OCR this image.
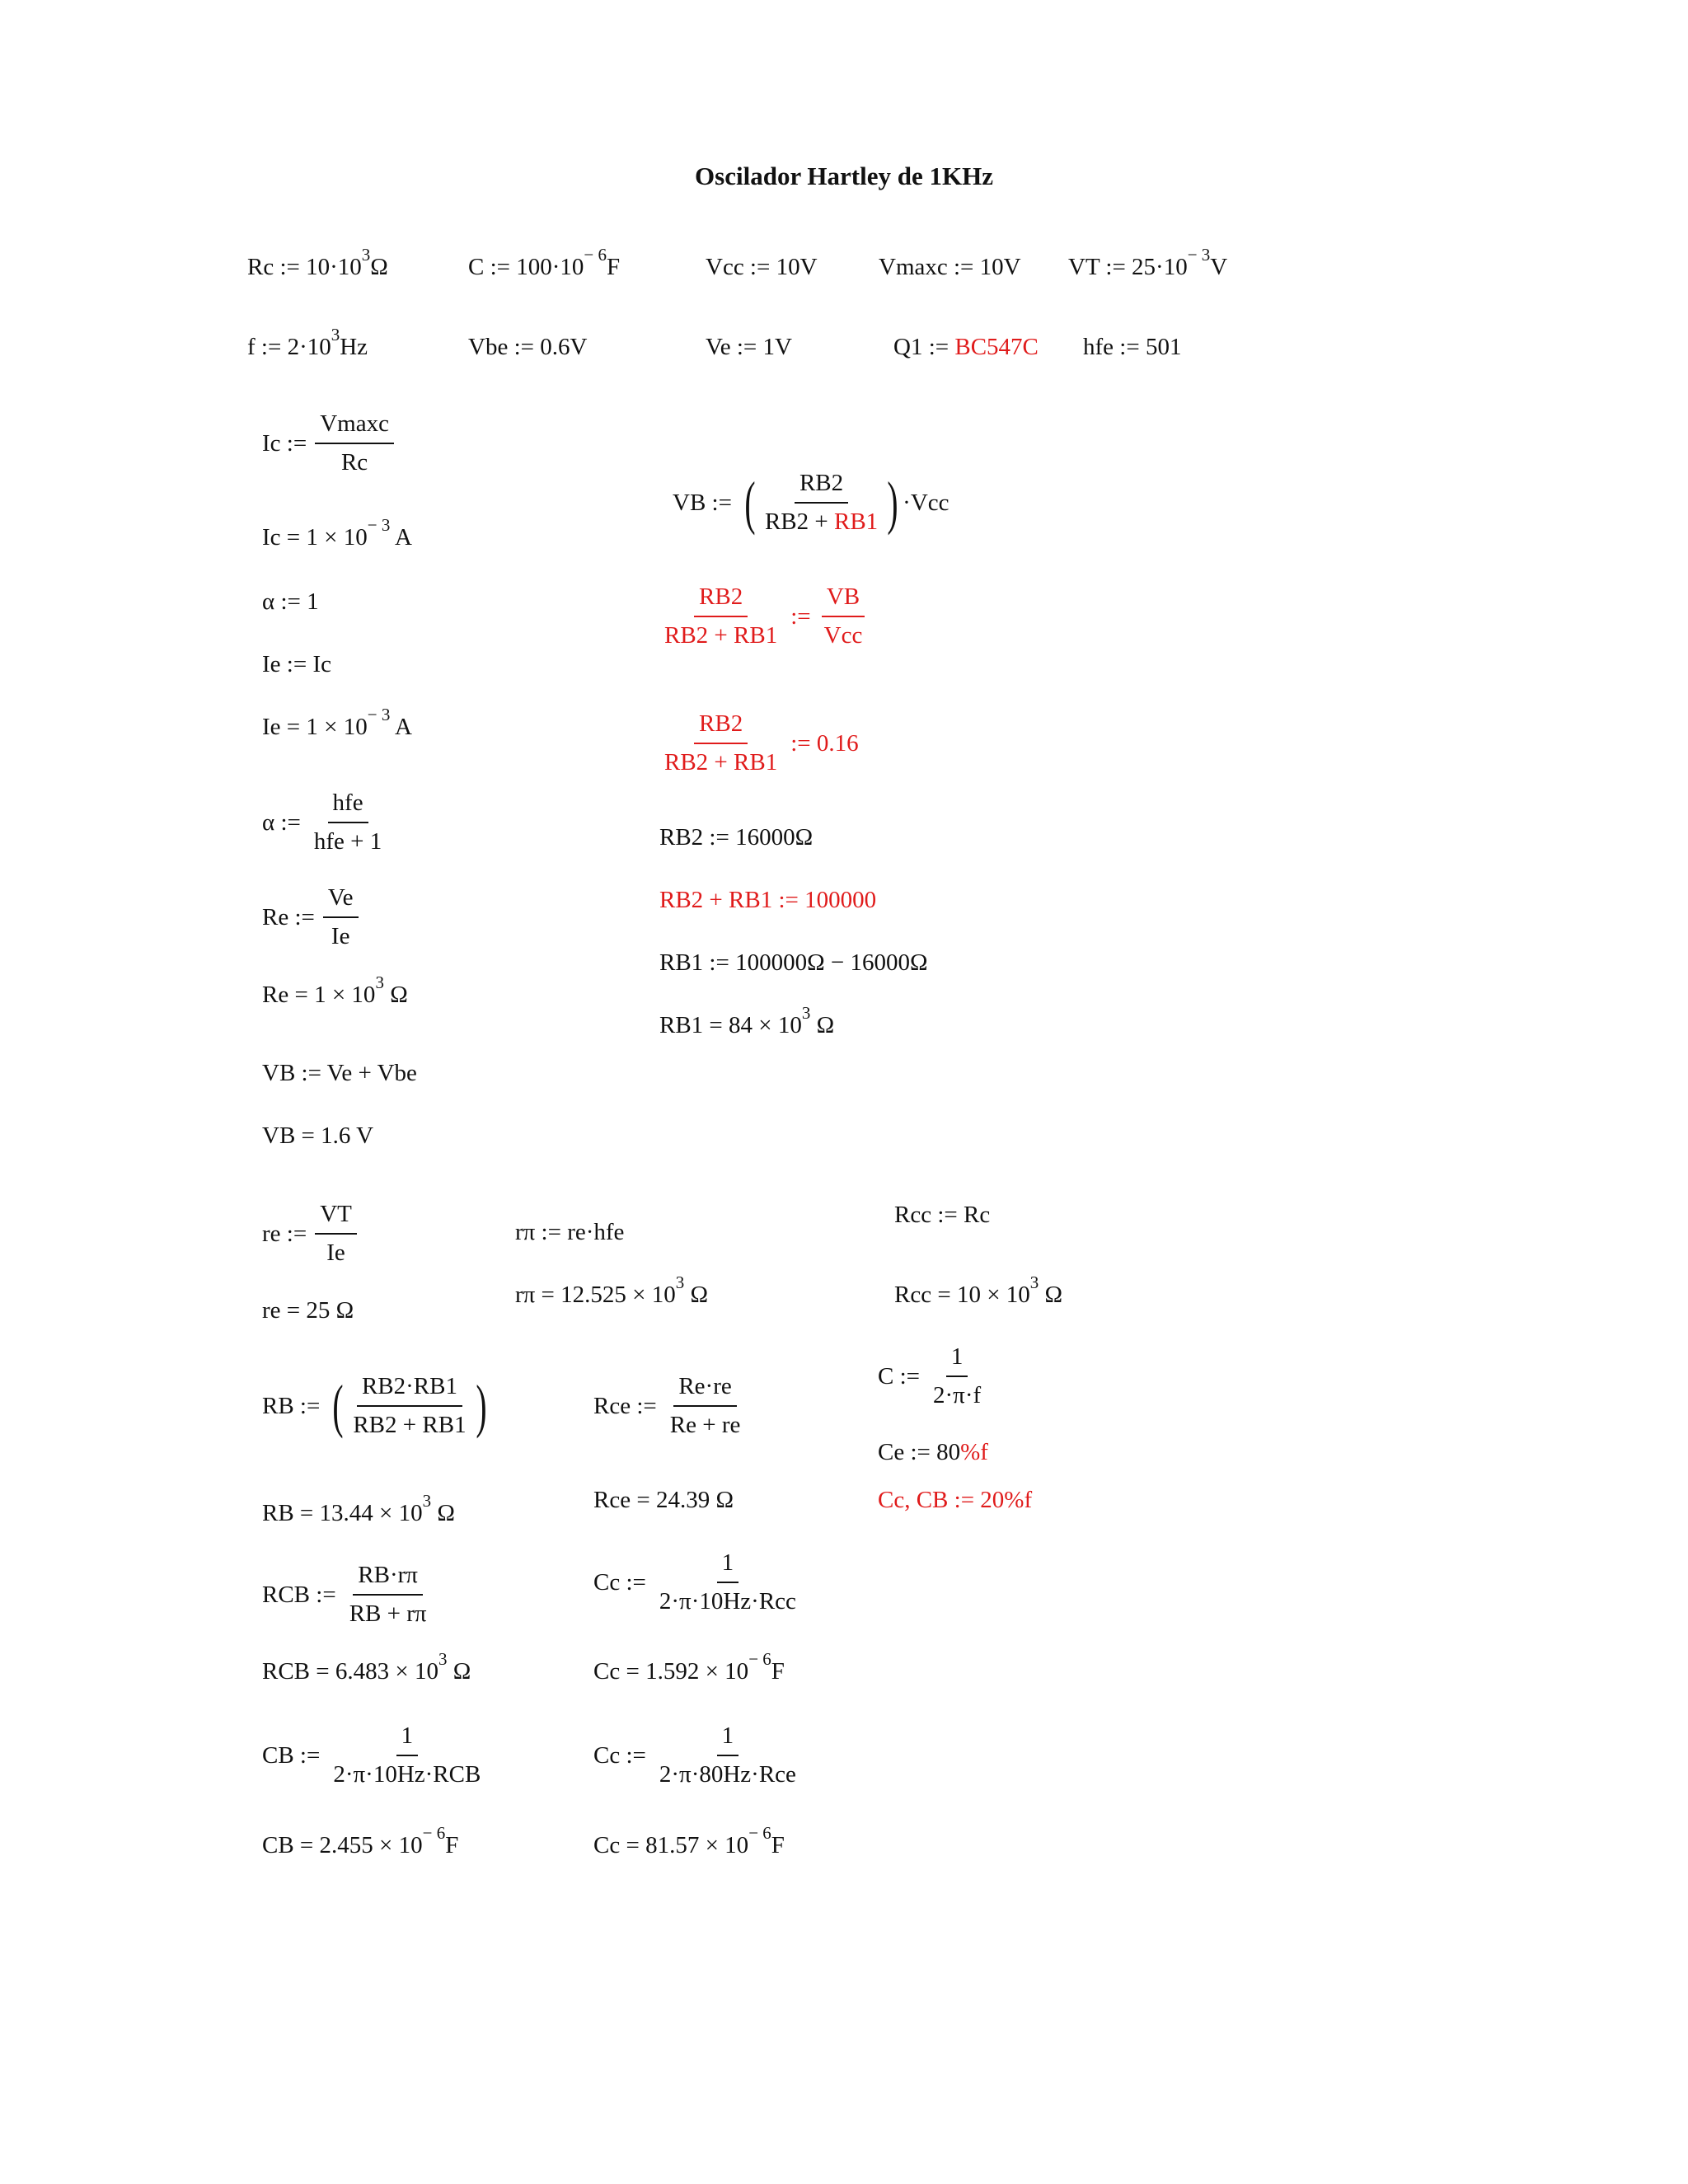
Oscilador Hartley de 1KHz
Rc := $10\cdot 10^3\Omega$	C := $100\cdot 10^{- 6}F$	Vcc := 10V	Vmaxc := 10V VT := $25\cdot 10^{- 3}V$
f := $2\cdot 10^3Hz$	Vbe := 0.6V	Ve := 1V	Q1 := BC547C hfe := 501
Ic := $\frac{Vmaxc}{Rc}$
$Ic = 1 \times 10^{- 3}$ A
α := 1
Ie := Ic
$Ie = 1 \times 10^{- 3}$ A
α := $\frac{\text{hfe}}{\text{hfe + 1}}$
Re := $\frac{Ve}{Ie}$
$Re = 1 \times 10^3$ Ω
VB := Ve + Vbe
VB = 1.6 V
VB := ( $\frac{RB2}{RB2 + RB1}$ ) ·Vcc
$\frac{RB2}{RB2 + RB1}$ := $\frac{VB}{\text{Vcc}}$
$\frac{RB2}{RB2 + RB1}$ := 0.16
RB2 := 16000Ω
RB2 + RB1 := 100000
RB1 := 100000Ω − 16000Ω
$RB1 = 84 \times 10^3$ Ω
re := $\frac{VT}{Ie}$
re = 25 Ω
rπ := re·hfe
$r\pi = 12.525 \times 10^3$ Ω
Rcc := Rc
Rcc = $10 \times 10^3$ Ω
RB := ( $\frac{RB2\cdot RB1}{RB2 + RB1}$ )
RB = $13.44 \times 10^3$ Ω
Rce := $\frac{Re\cdot re}{Re + re}$
Rce = 24.39 Ω
C := $\frac{1}{2\cdot\pi\cdot f}$
Ce := 80%f
Cc, CB := 20%f
RCB := $\frac{RB\cdot r\pi}{RB + r\pi}$
RCB = $6.483 \times 10^3$ Ω
Cc := $\frac{1}{\text{2·π·10Hz·Rcc}}$
$Cc = 1.592 \times 10^{- 6}F$
CB := $\frac{1}{\text{2·π·10Hz·RCB}}$
CB = $2.455 \times 10^{- 6}F$
Cc := $\frac{1}{\text{2·π·80Hz·Rce}}$
$Cc = 81.57 \times 10^{- 6}F$
